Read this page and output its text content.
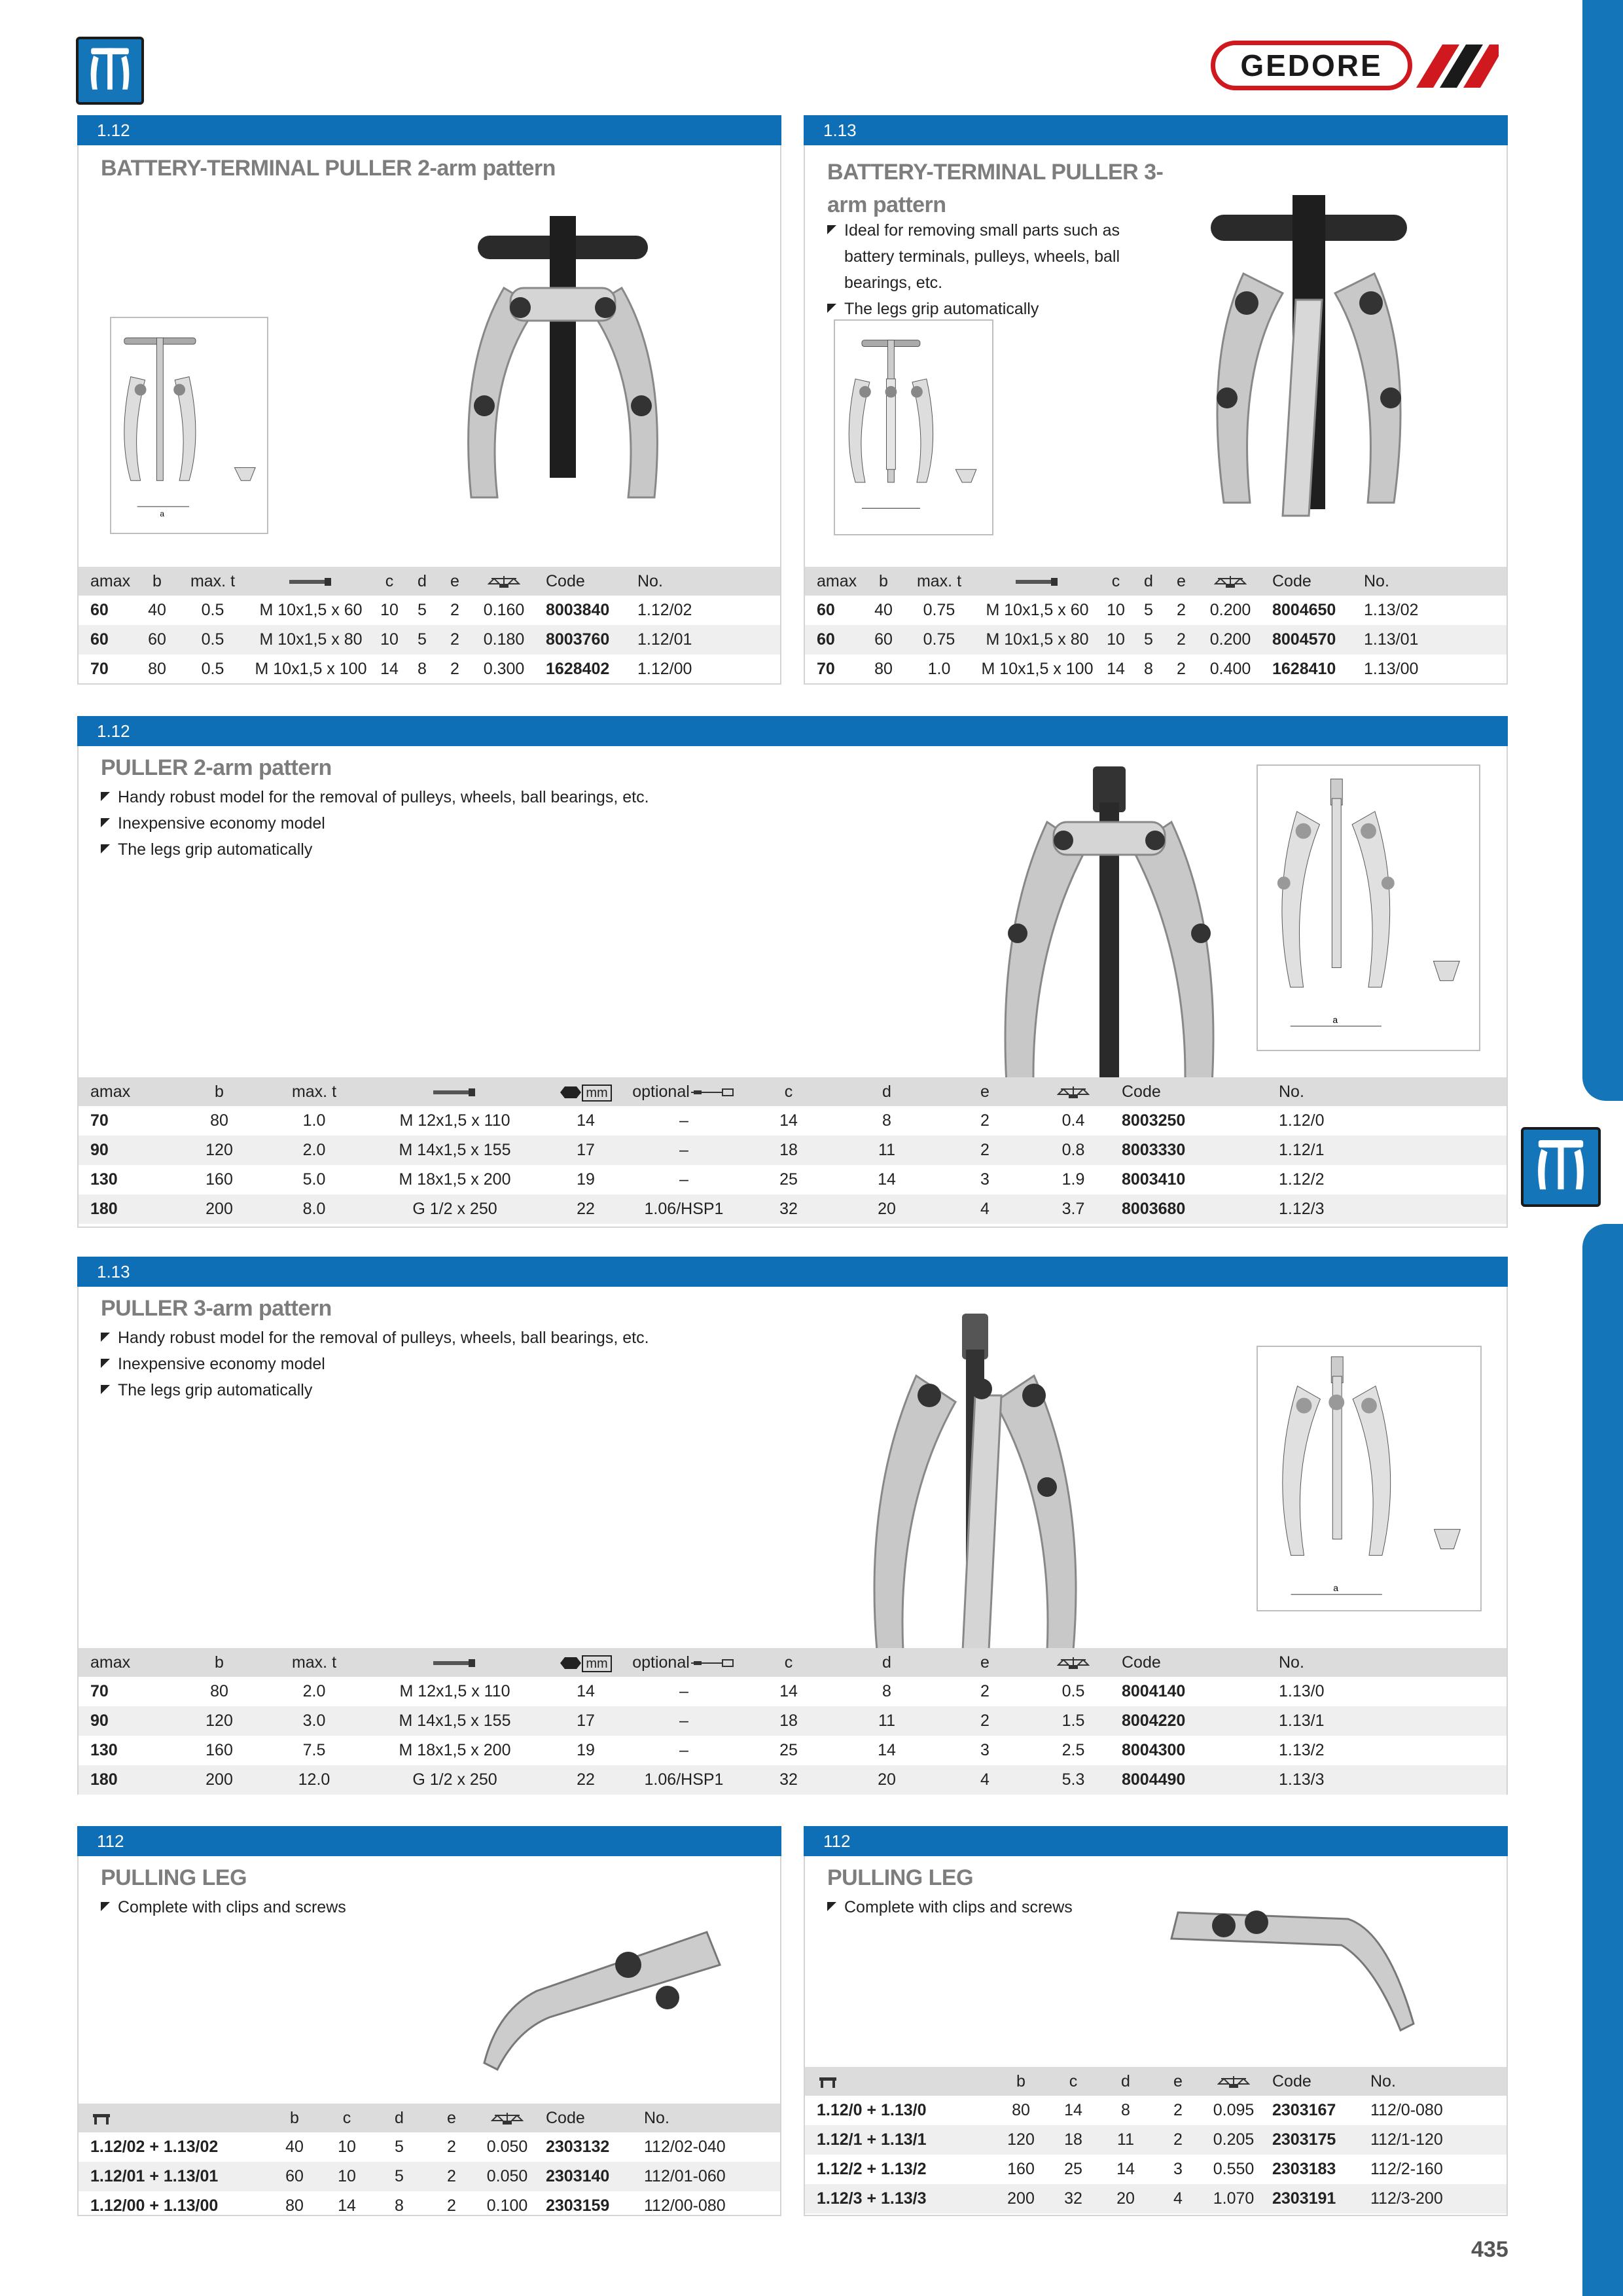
GEDORE
1.12
BATTERY-TERMINAL PULLER 2-arm pattern
a
amax	b	max. t		c	d	e		Code	No.
60	40	0.5	M 10x1,5 x 60	10	5	2	0.160	8003840	1.12/02
60	60	0.5	M 10x1,5 x 80	10	5	2	0.180	8003760	1.12/01
70	80	0.5	M 10x1,5 x 100	14	8	2	0.300	1628402	1.12/00
1.13
BATTERY-TERMINAL PULLER 3-arm pattern
Ideal for removing small parts such as battery terminals, pulleys, wheels, ball bearings, etc.
The legs grip automatically
amax	b	max. t		c	d	e		Code	No.
60	40	0.75	M 10x1,5 x 60	10	5	2	0.200	8004650	1.13/02
60	60	0.75	M 10x1,5 x 80	10	5	2	0.200	8004570	1.13/01
70	80	1.0	M 10x1,5 x 100	14	8	2	0.400	1628410	1.13/00
1.12
PULLER 2-arm pattern
Handy robust model for the removal of pulleys, wheels, ball bearings, etc.
Inexpensive economy model
The legs grip automatically
a
amax	b	max. t		mm	optional	c	d	e		Code	No.
70	80	1.0	M 12x1,5 x 110	14	–	14	8	2	0.4	8003250	1.12/0
90	120	2.0	M 14x1,5 x 155	17	–	18	11	2	0.8	8003330	1.12/1
130	160	5.0	M 18x1,5 x 200	19	–	25	14	3	1.9	8003410	1.12/2
180	200	8.0	G 1/2 x 250	22	1.06/HSP1	32	20	4	3.7	8003680	1.12/3
1.13
PULLER 3-arm pattern
Handy robust model for the removal of pulleys, wheels, ball bearings, etc.
Inexpensive economy model
The legs grip automatically
a
amax	b	max. t		mm	optional	c	d	e		Code	No.
70	80	2.0	M 12x1,5 x 110	14	–	14	8	2	0.5	8004140	1.13/0
90	120	3.0	M 14x1,5 x 155	17	–	18	11	2	1.5	8004220	1.13/1
130	160	7.5	M 18x1,5 x 200	19	–	25	14	3	2.5	8004300	1.13/2
180	200	12.0	G 1/2 x 250	22	1.06/HSP1	32	20	4	5.3	8004490	1.13/3
112
PULLING LEG
Complete with clips and screws
	b	c	d	e		Code	No.
1.12/02 + 1.13/02	40	10	5	2	0.050	2303132	112/02-040
1.12/01 + 1.13/01	60	10	5	2	0.050	2303140	112/01-060
1.12/00 + 1.13/00	80	14	8	2	0.100	2303159	112/00-080
112
PULLING LEG
Complete with clips and screws
	b	c	d	e		Code	No.
1.12/0 + 1.13/0	80	14	8	2	0.095	2303167	112/0-080
1.12/1 + 1.13/1	120	18	11	2	0.205	2303175	112/1-120
1.12/2 + 1.13/2	160	25	14	3	0.550	2303183	112/2-160
1.12/3 + 1.13/3	200	32	20	4	1.070	2303191	112/3-200
435
